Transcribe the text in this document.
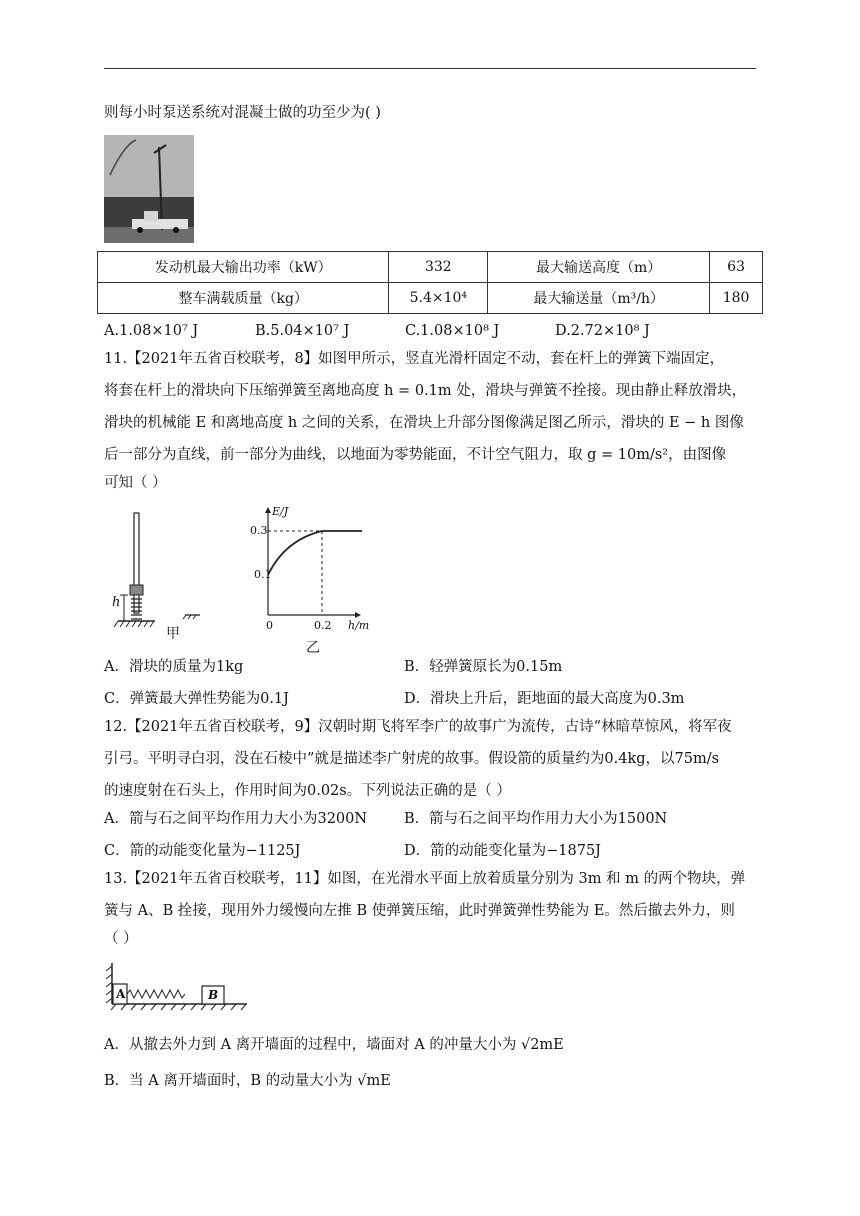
则每小时泵送系统对混凝土做的功至少为( )
发动机最大输出功率（kW）	332	最大输送高度（m）	63
整车满载质量（kg）	5.4×10⁴	最大输送量（m³/h）	180
A.1.08×10⁷ J	B.5.04×10⁷ J	C.1.08×10⁸ J	D.2.72×10⁸ J
11.【2021年五省百校联考，8】如图甲所示，竖直光滑杆固定不动，套在杆上的弹簧下端固定，
将套在杆上的滑块向下压缩弹簧至离地高度 h = 0.1m 处，滑块与弹簧不拴接。现由静止释放滑块，
滑块的机械能 E 和离地高度 h 之间的关系，在滑块上升部分图像满足图乙所示，滑块的 E − h 图像
后一部分为直线，前一部分为曲线，以地面为零势能面，不计空气阻力，取 g = 10m/s²，由图像
可知（ ）
h
甲
E/J
0.3
0.1
0	0.2 h/m
乙
A．滑块的质量为1kg	B．轻弹簧原长为0.15m
C．弹簧最大弹性势能为0.1J	D．滑块上升后，距地面的最大高度为0.3m
12.【2021年五省百校联考，9】汉朝时期飞将军李广的故事广为流传，古诗“林暗草惊风，将军夜
引弓。平明寻白羽，没在石棱中”就是描述李广射虎的故事。假设箭的质量约为0.4kg，以75m/s
的速度射在石头上，作用时间为0.02s。下列说法正确的是（ ）
A．箭与石之间平均作用力大小为3200N	B．箭与石之间平均作用力大小为1500N
C．箭的动能变化量为−1125J	D．箭的动能变化量为−1875J
13.【2021年五省百校联考，11】如图，在光滑水平面上放着质量分别为 3m 和 m 的两个物块，弹
簧与 A、B 拴接，现用外力缓慢向左推 B 使弹簧压缩，此时弹簧弹性势能为 E。然后撤去外力，则
（ ）
A	B
A．从撤去外力到 A 离开墙面的过程中，墙面对 A 的冲量大小为 √2mE
B．当 A 离开墙面时，B 的动量大小为 √mE
